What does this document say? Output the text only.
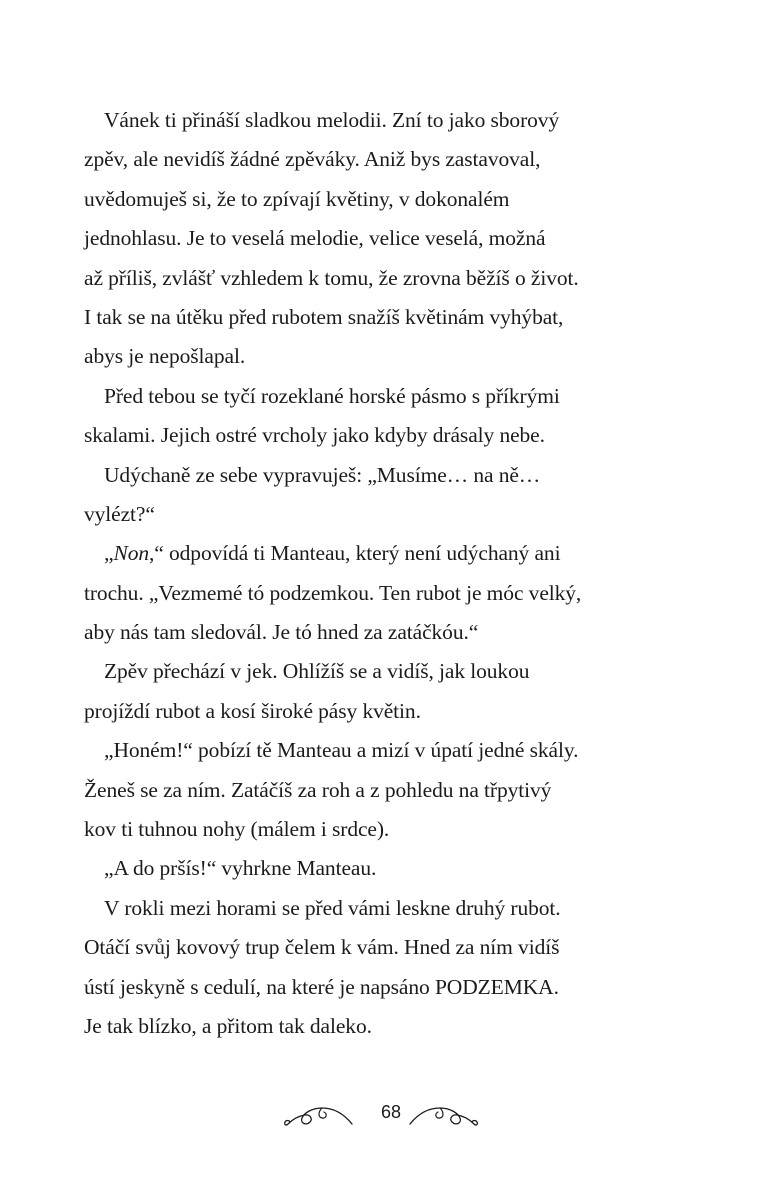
Vánek ti přináší sladkou melodii. Zní to jako sborový
zpěv, ale nevidíš žádné zpěváky. Aniž bys zastavoval,
uvědomuješ si, že to zpívají květiny, v dokonalém
jednohlasu. Je to veselá melodie, velice veselá, možná
až příliš, zvlášť vzhledem k tomu, že zrovna běžíš o život.
I tak se na útěku před rubotem snažíš květinám vyhýbat,
abys je nepošlapal.
Před tebou se tyčí rozeklané horské pásmo s příkrými
skalami. Jejich ostré vrcholy jako kdyby drásaly nebe.
Udýchaně ze sebe vypravuješ: „Musíme… na ně…
vylézt?“
„Non,“ odpovídá ti Manteau, který není udýchaný ani
trochu. „Vezmemé tó podzemkou. Ten rubot je móc velký,
aby nás tam sledovál. Je tó hned za zatáčkóu.“
Zpěv přechází v jek. Ohlížíš se a vidíš, jak loukou
projíždí rubot a kosí široké pásy květin.
„Honém!“ pobízí tě Manteau a mizí v úpatí jedné skály.
Ženeš se za ním. Zatáčíš za roh a z pohledu na třpytivý
kov ti tuhnou nohy (málem i srdce).
„A do pršís!“ vyhrkne Manteau.
V rokli mezi horami se před vámi leskne druhý rubot.
Otáčí svůj kovový trup čelem k vám. Hned za ním vidíš
ústí jeskyně s cedulí, na které je napsáno PODZEMKA.
Je tak blízko, a přitom tak daleko.
68
